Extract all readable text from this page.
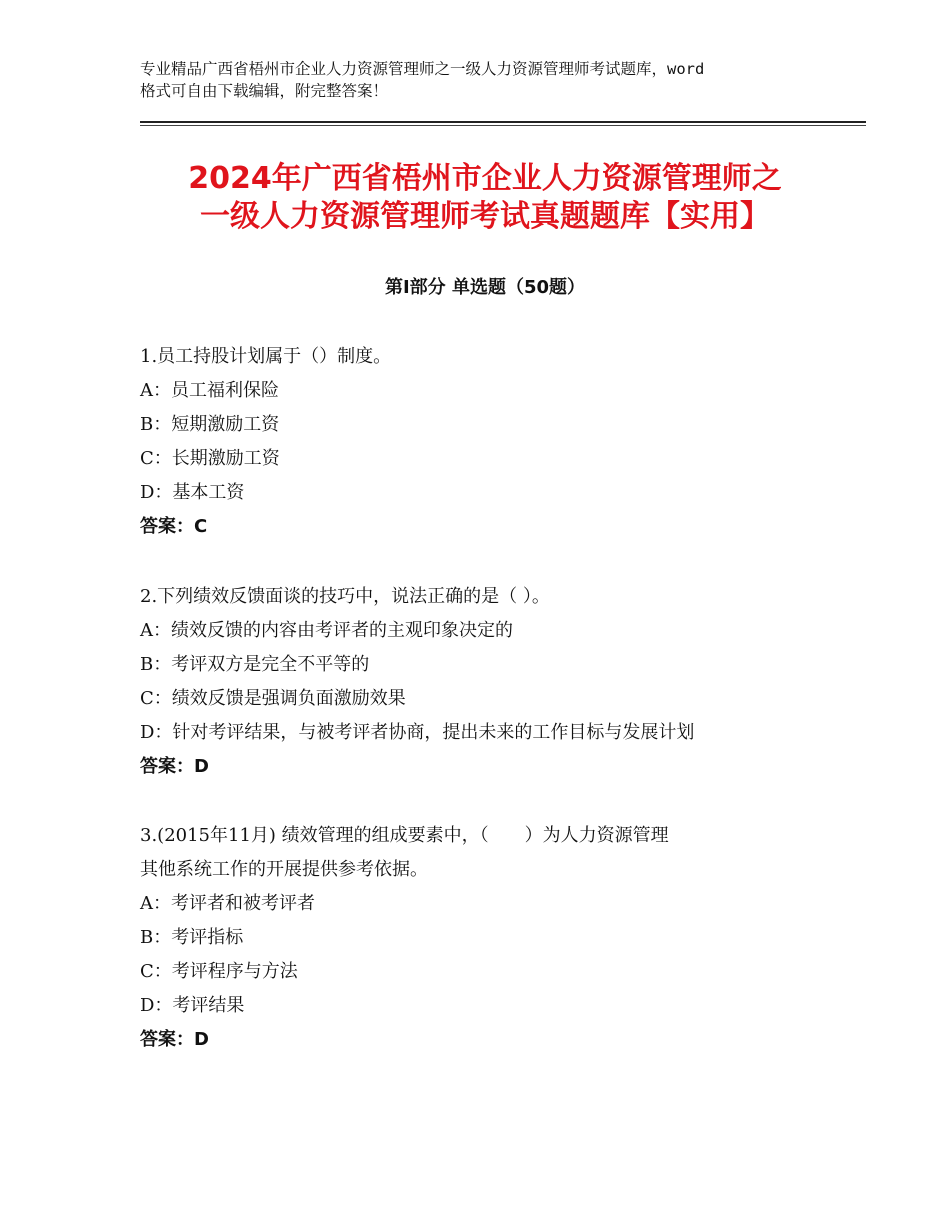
专业精品广西省梧州市企业人力资源管理师之一级人力资源管理师考试题库，word
格式可自由下载编辑，附完整答案！
2024年广西省梧州市企业人力资源管理师之
一级人力资源管理师考试真题题库【实用】
第Ⅰ部分 单选题（50题）
1.员工持股计划属于（）制度。
A：员工福利保险
B：短期激励工资
C：长期激励工资
D：基本工资
答案：C
2.下列绩效反馈面谈的技巧中，说法正确的是（ ）。
A：绩效反馈的内容由考评者的主观印象决定的
B：考评双方是完全不平等的
C：绩效反馈是强调负面激励效果
D：针对考评结果，与被考评者协商，提出未来的工作目标与发展计划
答案：D
3.(2015年11月) 绩效管理的组成要素中，（　　）为人力资源管理
其他系统工作的开展提供参考依据。
A：考评者和被考评者
B：考评指标
C：考评程序与方法
D：考评结果
答案：D
